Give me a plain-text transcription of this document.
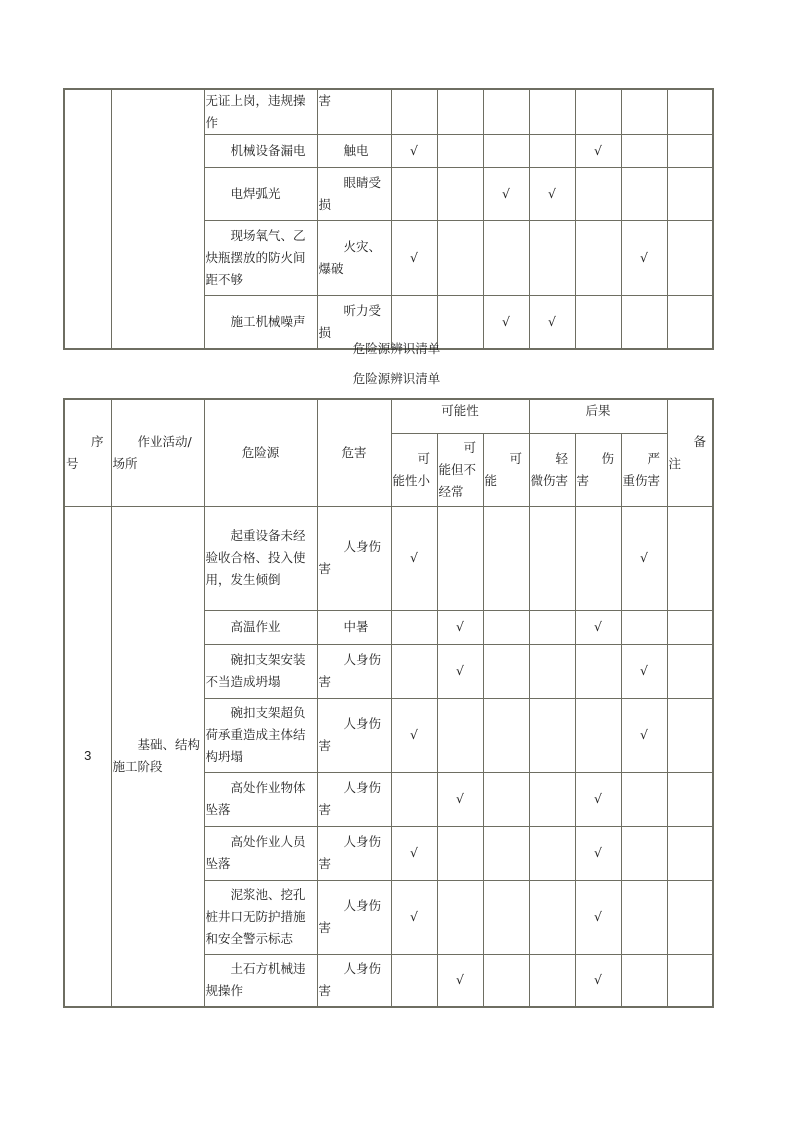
		无证上岗，违规操作	害							
		机械设备漏电	触电	√				√		
		电焊弧光	眼睛受损			√	√			
		现场氧气、乙炔瓶摆放的防火间距不够	火灾、爆破	√					√	
		施工机械噪声	听力受损			√	√			
危险源辨识清单
危险源辨识清单
序号	作业活动/场所	危险源	危害	可能性			后果			备注
				可能性小	可能但不经常	可能	轻微伤害	伤害	严重伤害	
3	基础、结构施工阶段	起重设备未经验收合格、投入使用，发生倾倒	人身伤害	√					√	
		高温作业	中暑		√			√		
		碗扣支架安装不当造成坍塌	人身伤害		√				√	
		碗扣支架超负荷承重造成主体结构坍塌	人身伤害	√					√	
		高处作业物体坠落	人身伤害		√			√		
		高处作业人员坠落	人身伤害	√				√		
		泥浆池、挖孔桩井口无防护措施和安全警示标志	人身伤害	√				√		
		土石方机械违规操作	人身伤害		√			√		
